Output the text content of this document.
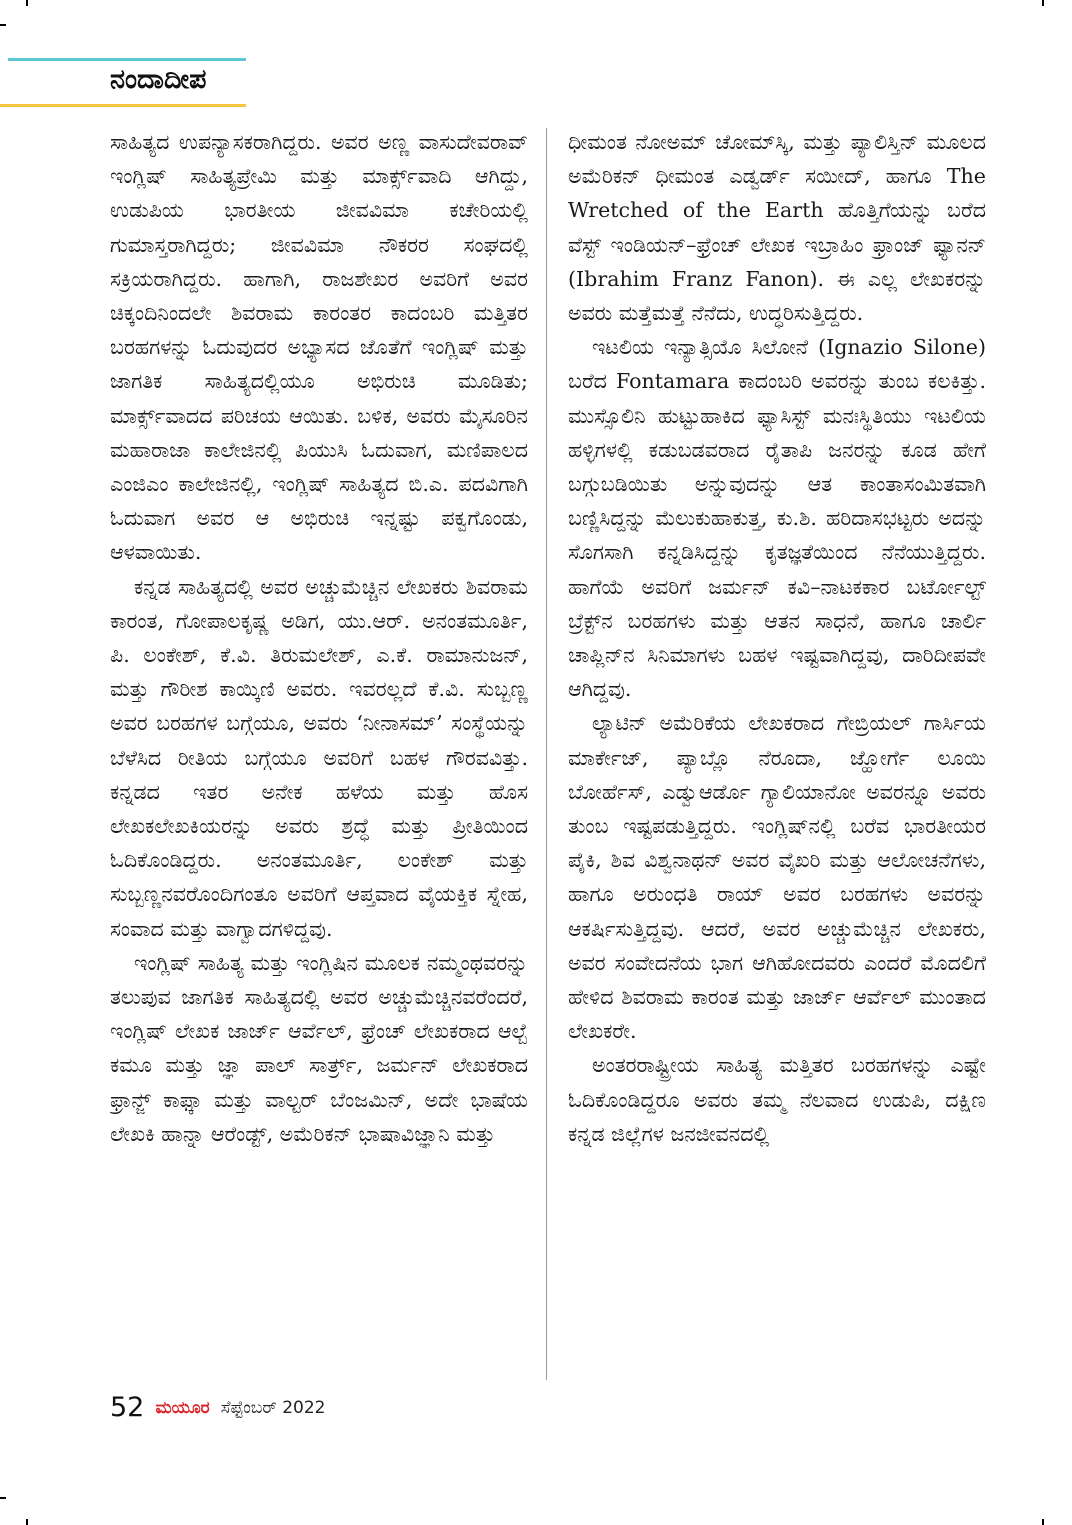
ನಂದಾದೀಪ

ಸಾಹಿತ್ಯದ ಉಪನ್ಯಾಸಕರಾಗಿದ್ದರು. ಅವರ ಅಣ್ಣ ವಾಸುದೇವರಾವ್ ಇಂಗ್ಲಿಷ್ ಸಾಹಿತ್ಯಪ್ರೇಮಿ ಮತ್ತು ಮಾರ್ಕ್ಸ್‌ವಾದಿ ಆಗಿದ್ದು, ಉಡುಪಿಯ ಭಾರತೀಯ ಜೀವವಿಮಾ ಕಚೇರಿಯಲ್ಲಿ ಗುಮಾಸ್ತರಾಗಿದ್ದರು; ಜೀವವಿಮಾ ನೌಕರರ ಸಂಘದಲ್ಲಿ ಸಕ್ರಿಯರಾಗಿದ್ದರು. ಹಾಗಾಗಿ, ರಾಜಶೇಖರ ಅವರಿಗೆ ಅವರ ಚಿಕ್ಕಂದಿನಿಂದಲೇ ಶಿವರಾಮ ಕಾರಂತರ ಕಾದಂಬರಿ ಮತ್ತಿತರ ಬರಹಗಳನ್ನು ಓದುವುದರ ಅಭ್ಯಾಸದ ಜೊತೆಗೆ ಇಂಗ್ಲಿಷ್ ಮತ್ತು ಜಾಗತಿಕ ಸಾಹಿತ್ಯದಲ್ಲಿಯೂ ಅಭಿರುಚಿ ಮೂಡಿತು; ಮಾರ್ಕ್ಸ್‌ವಾದದ ಪರಿಚಯ ಆಯಿತು. ಬಳಿಕ, ಅವರು ಮೈಸೂರಿನ ಮಹಾರಾಜಾ ಕಾಲೇಜಿನಲ್ಲಿ ಪಿಯುಸಿ ಓದುವಾಗ, ಮಣಿಪಾಲದ ಎಂಜಿಎಂ ಕಾಲೇಜಿನಲ್ಲಿ, ಇಂಗ್ಲಿಷ್ ಸಾಹಿತ್ಯದ ಬಿ.ಎ. ಪದವಿಗಾಗಿ ಓದುವಾಗ ಅವರ ಆ ಅಭಿರುಚಿ ಇನ್ನಷ್ಟು ಪಕ್ವಗೊಂಡು, ಆಳವಾಯಿತು.

ಕನ್ನಡ ಸಾಹಿತ್ಯದಲ್ಲಿ ಅವರ ಅಚ್ಚುಮೆಚ್ಚಿನ ಲೇಖಕರು ಶಿವರಾಮ ಕಾರಂತ, ಗೋಪಾಲಕೃಷ್ಣ ಅಡಿಗ, ಯು.ಆರ್. ಅನಂತಮೂರ್ತಿ, ಪಿ. ಲಂಕೇಶ್, ಕೆ.ವಿ. ತಿರುಮಲೇಶ್, ಎ.ಕೆ. ರಾಮಾನುಜನ್, ಮತ್ತು ಗೌರೀಶ ಕಾಯ್ಕಿಣಿ ಅವರು. ಇವರಲ್ಲದೆ ಕೆ.ವಿ. ಸುಬ್ಬಣ್ಣ ಅವರ ಬರಹಗಳ ಬಗ್ಗೆಯೂ, ಅವರು ‘ನೀನಾಸಮ್’ ಸಂಸ್ಥೆಯನ್ನು ಬೆಳೆಸಿದ ರೀತಿಯ ಬಗ್ಗೆಯೂ ಅವರಿಗೆ ಬಹಳ ಗೌರವವಿತ್ತು. ಕನ್ನಡದ ಇತರ ಅನೇಕ ಹಳೆಯ ಮತ್ತು ಹೊಸ ಲೇಖಕಲೇಖಕಿಯರನ್ನು ಅವರು ಶ್ರದ್ಧೆ ಮತ್ತು ಪ್ರೀತಿಯಿಂದ ಓದಿಕೊಂಡಿದ್ದರು. ಅನಂತಮೂರ್ತಿ, ಲಂಕೇಶ್ ಮತ್ತು ಸುಬ್ಬಣ್ಣನವರೊಂದಿಗಂತೂ ಅವರಿಗೆ ಆಪ್ತವಾದ ವೈಯಕ್ತಿಕ ಸ್ನೇಹ, ಸಂವಾದ ಮತ್ತು ವಾಗ್ವಾದಗಳಿದ್ದವು.

ಇಂಗ್ಲಿಷ್ ಸಾಹಿತ್ಯ ಮತ್ತು ಇಂಗ್ಲಿಷಿನ ಮೂಲಕ ನಮ್ಮಂಥವರನ್ನು ತಲುಪುವ ಜಾಗತಿಕ ಸಾಹಿತ್ಯದಲ್ಲಿ ಅವರ ಅಚ್ಚುಮೆಚ್ಚಿನವರೆಂದರೆ, ಇಂಗ್ಲಿಷ್ ಲೇಖಕ ಜಾರ್ಜ್ ಆರ್ವೆಲ್, ಫ್ರೆಂಚ್ ಲೇಖಕರಾದ ಆಲ್ಬೆ ಕಮೂ ಮತ್ತು ಜ್ಞಾ ಪಾಲ್ ಸಾರ್ತ್ರ್, ಜರ್ಮನ್ ಲೇಖಕರಾದ ಫ್ರಾನ್ಜ್ ಕಾಫ್ಕಾ ಮತ್ತು ವಾಲ್ಟರ್ ಬೆಂಜಮಿನ್, ಅದೇ ಭಾಷೆಯ ಲೇಖಕಿ ಹಾನ್ನಾ ಆರೆಂಡ್ಟ್, ಅಮೆರಿಕನ್ ಭಾಷಾವಿಜ್ಞಾನಿ ಮತ್ತು

ಧೀಮಂತ ನೋಅಮ್ ಚೋಮ್‌ಸ್ಕಿ, ಮತ್ತು ಪ್ಯಾಲಿಸ್ತಿನ್ ಮೂಲದ ಅಮೆರಿಕನ್ ಧೀಮಂತ ಎಡ್ವರ್ಡ್ ಸಯೀದ್, ಹಾಗೂ The Wretched of the Earth ಹೊತ್ತಿಗೆಯನ್ನು ಬರೆದ ವೆಸ್ಟ್ ಇಂಡಿಯನ್–ಫ್ರೆಂಚ್ ಲೇಖಕ ಇಬ್ರಾಹಿಂ ಫ್ರಾಂಜ್ ಫ್ಯಾನನ್ (Ibrahim Franz Fanon). ಈ ಎಲ್ಲ ಲೇಖಕರನ್ನು ಅವರು ಮತ್ತೆಮತ್ತೆ ನೆನೆದು, ಉದ್ಧರಿಸುತ್ತಿದ್ದರು.

ಇಟಲಿಯ ಇನ್ಯಾತ್ಸಿಯೊ ಸಿಲೋನೆ (Ignazio Silone) ಬರೆದ Fontamara ಕಾದಂಬರಿ ಅವರನ್ನು ತುಂಬ ಕಲಕಿತ್ತು. ಮುಸ್ಸೊಲಿನಿ ಹುಟ್ಟುಹಾಕಿದ ಫ್ಯಾಸಿಸ್ಟ್ ಮನಃಸ್ಥಿತಿಯು ಇಟಲಿಯ ಹಳ್ಳಿಗಳಲ್ಲಿ ಕಡುಬಡವರಾದ ರೈತಾಪಿ ಜನರನ್ನು ಕೂಡ ಹೇಗೆ ಬಗ್ಗುಬಡಿಯಿತು ಅನ್ನುವುದನ್ನು ಆತ ಕಾಂತಾಸಂಮಿತವಾಗಿ ಬಣ್ಣಿಸಿದ್ದನ್ನು ಮೆಲುಕುಹಾಕುತ್ತ, ಕು.ಶಿ. ಹರಿದಾಸಭಟ್ಟರು ಅದನ್ನು ಸೊಗಸಾಗಿ ಕನ್ನಡಿಸಿದ್ದನ್ನು ಕೃತಜ್ಞತೆಯಿಂದ ನೆನೆಯುತ್ತಿದ್ದರು. ಹಾಗೆಯೆ ಅವರಿಗೆ ಜರ್ಮನ್ ಕವಿ–ನಾಟಕಕಾರ ಬರ್ಟೋಲ್ಟ್ ಬ್ರೆಕ್ಟ್‌ನ ಬರಹಗಳು ಮತ್ತು ಆತನ ಸಾಧನೆ, ಹಾಗೂ ಚಾರ್ಲಿ ಚಾಪ್ಲಿನ್‌ನ ಸಿನಿಮಾಗಳು ಬಹಳ ಇಷ್ಟವಾಗಿದ್ದವು, ದಾರಿದೀಪವೇ ಆಗಿದ್ದವು.

ಲ್ಯಾಟಿನ್ ಅಮೆರಿಕೆಯ ಲೇಖಕರಾದ ಗೇಬ್ರಿಯಲ್ ಗಾರ್ಸಿಯ ಮಾರ್ಕೇಜ್, ಪ್ಯಾಬ್ಲೊ ನೆರೂದಾ, ಜ್ಹೋರ್ಗೆ ಲೂಯಿ ಬೋರ್ಹೆಸ್, ಎಡ್ವುಆರ್ಡೊ ಗ್ಯಾಲಿಯಾನೋ ಅವರನ್ನೂ ಅವರು ತುಂಬ ಇಷ್ಟಪಡುತ್ತಿದ್ದರು. ಇಂಗ್ಲಿಷ್‌ನಲ್ಲಿ ಬರೆವ ಭಾರತೀಯರ ಪೈಕಿ, ಶಿವ ವಿಶ್ವನಾಥನ್ ಅವರ ವೈಖರಿ ಮತ್ತು ಆಲೋಚನೆಗಳು, ಹಾಗೂ ಅರುಂಧತಿ ರಾಯ್ ಅವರ ಬರಹಗಳು ಅವರನ್ನು ಆಕರ್ಷಿಸುತ್ತಿದ್ದವು. ಆದರೆ, ಅವರ ಅಚ್ಚುಮೆಚ್ಚಿನ ಲೇಖಕರು, ಅವರ ಸಂವೇದನೆಯ ಭಾಗ ಆಗಿಹೋದವರು ಎಂದರೆ ಮೊದಲಿಗೆ ಹೇಳಿದ ಶಿವರಾಮ ಕಾರಂತ ಮತ್ತು ಜಾರ್ಜ್ ಆರ್ವೆಲ್ ಮುಂತಾದ ಲೇಖಕರೇ.

ಅಂತರರಾಷ್ಟ್ರೀಯ ಸಾಹಿತ್ಯ ಮತ್ತಿತರ ಬರಹಗಳನ್ನು ಎಷ್ಟೇ ಓದಿಕೊಂಡಿದ್ದರೂ ಅವರು ತಮ್ಮ ನೆಲವಾದ ಉಡುಪಿ, ದಕ್ಷಿಣ ಕನ್ನಡ ಜಿಲ್ಲೆಗಳ ಜನಜೀವನದಲ್ಲಿ

52 ಮಯೂರ ಸೆಪ್ಟೆಂಬರ್ 2022
